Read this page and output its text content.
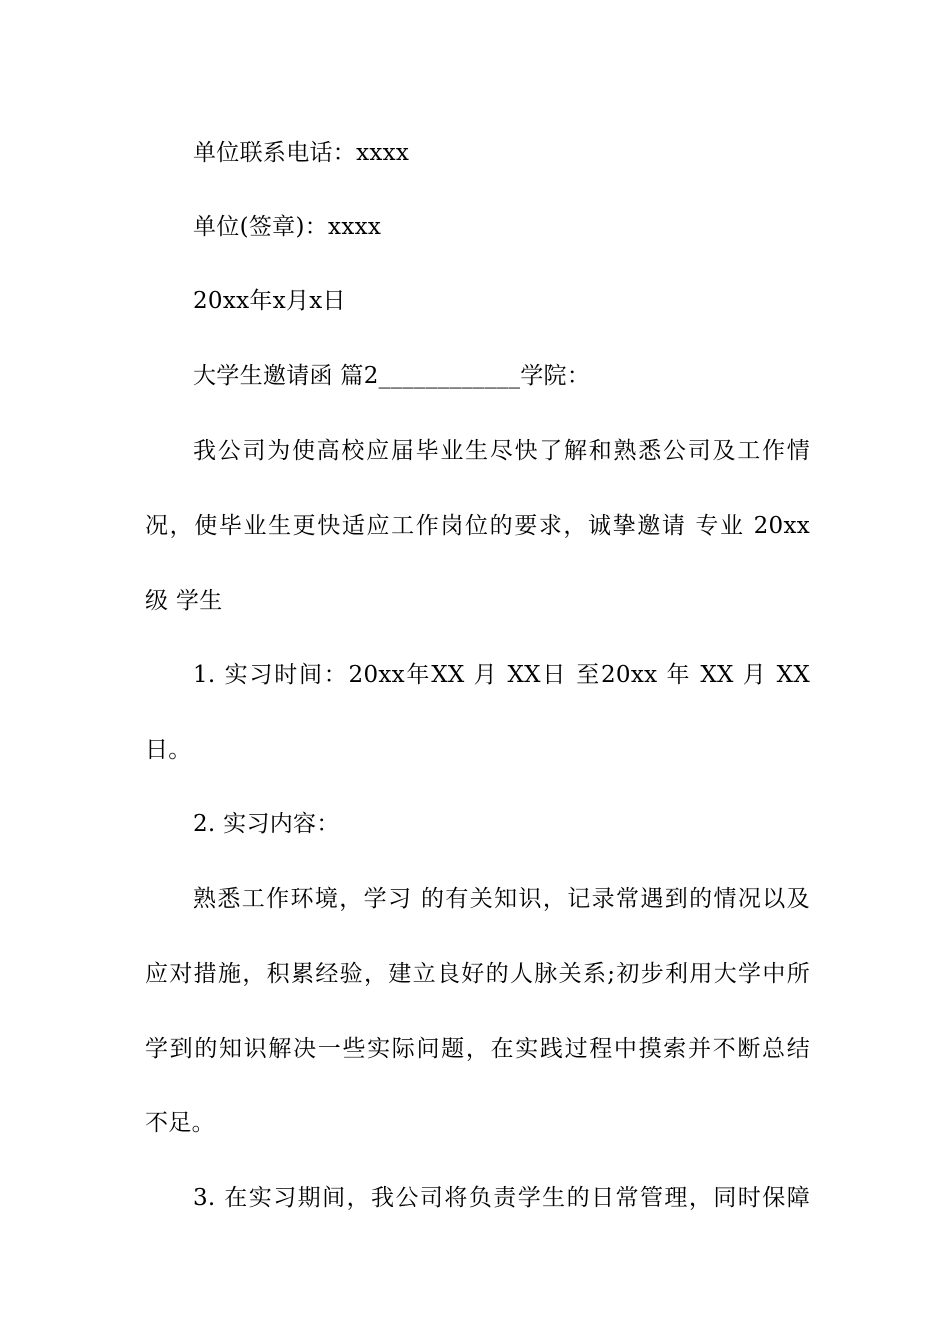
单位联系电话：xxxx
单位(签章)：xxxx
20xx年x月x日
大学生邀请函 篇2____________学院：
我公司为使高校应届毕业生尽快了解和熟悉公司及工作情
况，使毕业生更快适应工作岗位的要求，诚挚邀请 专业 20xx
级 学生
1. 实习时间：20xx年XX 月 XX日 至20xx 年 XX 月 XX
日。
2. 实习内容：
熟悉工作环境，学习 的有关知识，记录常遇到的情况以及
应对措施，积累经验，建立良好的人脉关系;初步利用大学中所
学到的知识解决一些实际问题，在实践过程中摸索并不断总结
不足。
3. 在实习期间，我公司将负责学生的日常管理，同时保障
